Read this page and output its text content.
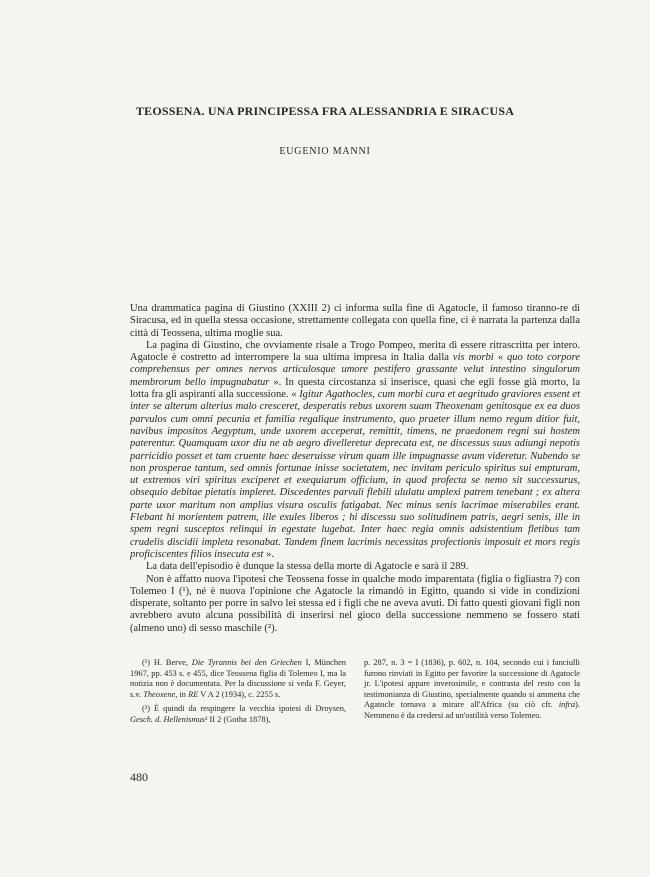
TEOSSENA. UNA PRINCIPESSA FRA ALESSANDRIA E SIRACUSA
EUGENIO MANNI

Una drammatica pagina di Giustino (XXIII 2) ci informa sulla fine di Agatocle, il famoso tiranno-re di Siracusa, ed in quella stessa occasione, strettamente collegata con quella fine, ci è narrata la partenza dalla città di Teossena, ultima moglie sua.

La pagina di Giustino, che ovviamente risale a Trogo Pompeo, merita di essere ritrascritta per intero. Agatocle è costretto ad interrompere la sua ultima impresa in Italia dalla vis morbi « quo toto corpore comprehensus per omnes nervos articulosque umore pestifero grassante velut intestino singulorum membrorum bello impugnabatur ». In questa circostanza si inserisce, quasi che egli fosse già morto, la lotta fra gli aspiranti alla successione. « Igitur Agathocles, cum morbi cura et aegritudo graviores essent et inter se alterum alterius malo cresceret, desperatis rebus uxorem suam Theoxenam genitosque ex ea duos parvulos cum omni pecunia et familia regalique instrumento, quo praeter illum nemo regum ditior fuit, navibus impositos Aegyptum, unde uxorem acceperat, remittit, timens, ne praedonem regni sui hostem paterentur. Quamquam uxor diu ne ab aegro divelleretur deprecata est, ne discessus suus adiungi nepotis parricidio posset et tam cruente haec deseruisse virum quam ille impugnasse avum videretur. Nubendo se non prosperae tantum, sed omnis fortunae inisse societatem, nec invitam periculo spiritus sui empturam, ut extremos viri spiritus exciperet et exequiarum officium, in quod profecta se nemo sit successurus, obsequio debitae pietatis impleret. Discedentes parvuli flebili ululatu amplexi patrem tenebant ; ex altera parte uxor maritum non amplius visura osculis fatigabat. Nec minus senis lacrimae miserabiles erant. Flebant hi morientem patrem, ille exules liberos ; hi discessu suo solitudinem patris, aegri senis, ille in spem regni susceptos relinqui in egestate lugebat. Inter haec regia omnis adsistentium fletibus tam crudelis discidii impleta resonabat. Tandem finem lacrimis necessitas profectionis imposuit et mors regis proficiscentes filios insecuta est ».

La data dell'episodio è dunque la stessa della morte di Agatocle e sarà il 289.

Non è affatto nuova l'ipotesi che Teossena fosse in qualche modo imparentata (figlia o figliastra ?) con Tolemeo I (¹), né è nuova l'opinione che Agatocle la rimandò in Egitto, quando si vide in condizioni disperate, soltanto per porre in salvo lei stessa ed i figli che ne aveva avuti. Di fatto questi giovani figli non avrebbero avuto alcuna possibilità di inserirsi nel gioco della successione nemmeno se fossero stati (almeno uno) di sesso maschile (²).

(¹) H. Berve, Die Tyrannis bei den Griechen I, München 1967, pp. 453 s. e 455, dice Teossena figlia di Tolemeo I, ma la notizia non è documentata. Per la discussione si veda F. Geyer, s.v. Theoxene, in RE V A 2 (1934), c. 2255 s.

(²) È quindi da respingere la vecchia ipotesi di Droysen, Gesch. d. Hellenismus² II 2 (Gotha 1878),

p. 287, n. 3 = I (1836), p. 602, n. 104, secondo cui i fanciulli furono rinviati in Egitto per favorire la successione di Agatocle jr. L'ipotesi appare inverosimile, e contrasta del resto con la testimonianza di Giustino, specialmente quando si ammetta che Agatocle tornava a mirare all'Africa (su ciò cfr. infra). Nemmeno è da credersi ad un'ostilità verso Tolemeo.

480
